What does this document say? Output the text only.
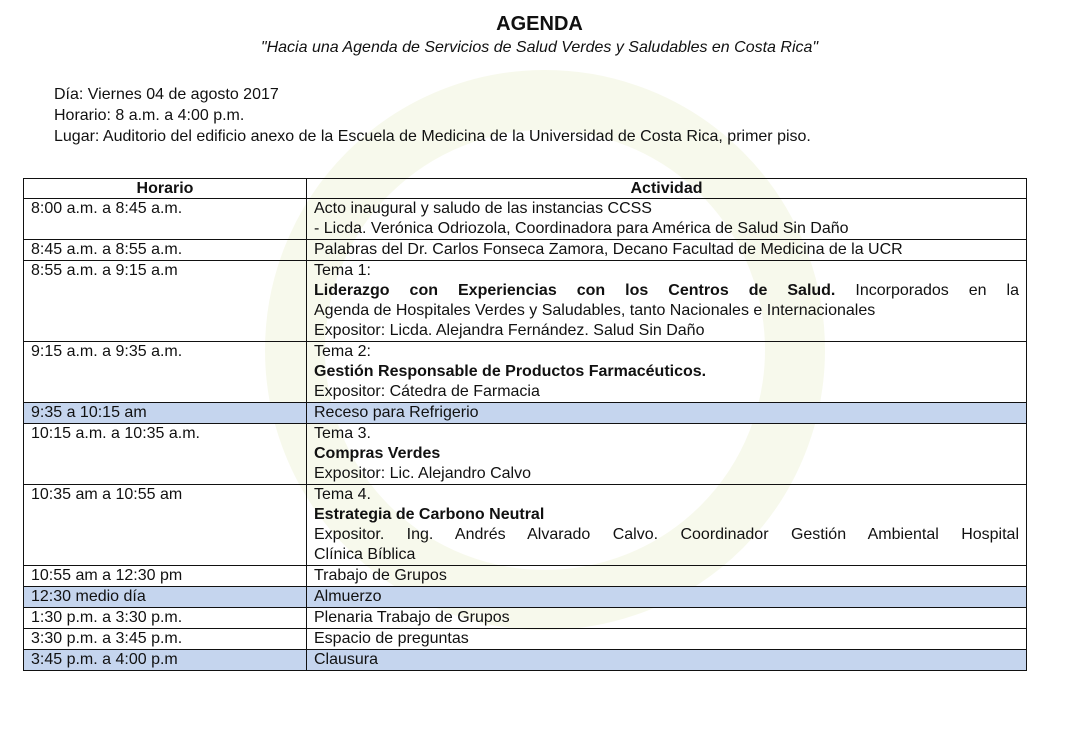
AGENDA
"Hacia una Agenda de Servicios de Salud Verdes y Saludables en Costa Rica"
Día: Viernes 04 de agosto 2017
Horario: 8 a.m. a 4:00 p.m.
Lugar: Auditorio del edificio anexo de la Escuela de Medicina de la Universidad de Costa Rica, primer piso.
Horario	Actividad
8:00 a.m. a 8:45 a.m.	Acto inaugural y saludo de las instancias CCSS
- Licda. Verónica Odriozola, Coordinadora para América de Salud Sin Daño

8:45 a.m. a 8:55 a.m.	Palabras del Dr. Carlos Fonseca Zamora, Decano Facultad de Medicina de la UCR

8:55 a.m. a 9:15 a.m	Tema 1:
Liderazgo con Experiencias con los Centros de Salud. Incorporados en la
Agenda de Hospitales Verdes y Saludables, tanto Nacionales e Internacionales
Expositor: Licda. Alejandra Fernández. Salud Sin Daño

9:15 a.m. a 9:35 a.m.	Tema 2:
Gestión Responsable de Productos Farmacéuticos.
Expositor: Cátedra de Farmacia

9:35 a 10:15 am	Receso para Refrigerio

10:15 a.m. a 10:35 a.m.	Tema 3.
Compras Verdes
Expositor: Lic. Alejandro Calvo

10:35 am a 10:55 am	Tema 4.
Estrategia de Carbono Neutral
Expositor. Ing. Andrés Alvarado Calvo. Coordinador Gestión Ambiental Hospital
Clínica Bíblica

10:55 am a 12:30 pm	Trabajo de Grupos

12:30 medio día	Almuerzo

1:30 p.m. a 3:30 p.m.	Plenaria Trabajo de Grupos

3:30 p.m. a 3:45 p.m.	Espacio de preguntas

3:45 p.m. a 4:00 p.m	Clausura
